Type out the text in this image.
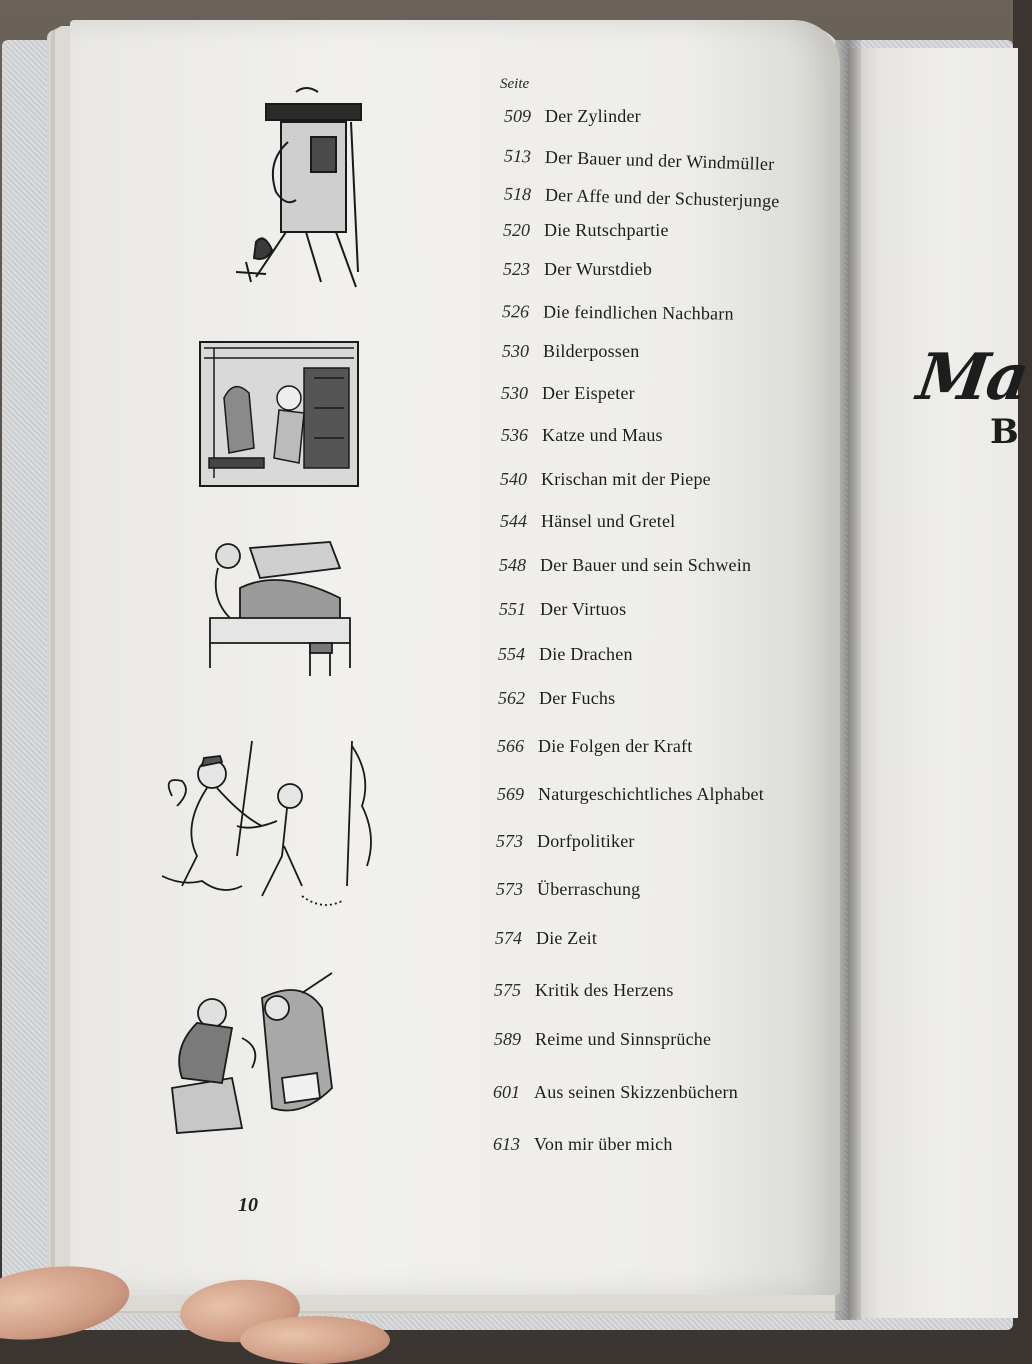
Ma
B
Seite
509 Der Zylinder
513 Der Bauer und der Windmüller
518 Der Affe und der Schusterjunge
520 Die Rutschpartie
523 Der Wurstdieb
526 Die feindlichen Nachbarn
530 Bilderpossen
530 Der Eispeter
536 Katze und Maus
540 Krischan mit der Piepe
544 Hänsel und Gretel
548 Der Bauer und sein Schwein
551 Der Virtuos
554 Die Drachen
562 Der Fuchs
566 Die Folgen der Kraft
569 Naturgeschichtliches Alphabet
573 Dorfpolitiker
573 Überraschung
574 Die Zeit
575 Kritik des Herzens
589 Reime und Sinnsprüche
601 Aus seinen Skizzenbüchern
613 Von mir über mich
10
